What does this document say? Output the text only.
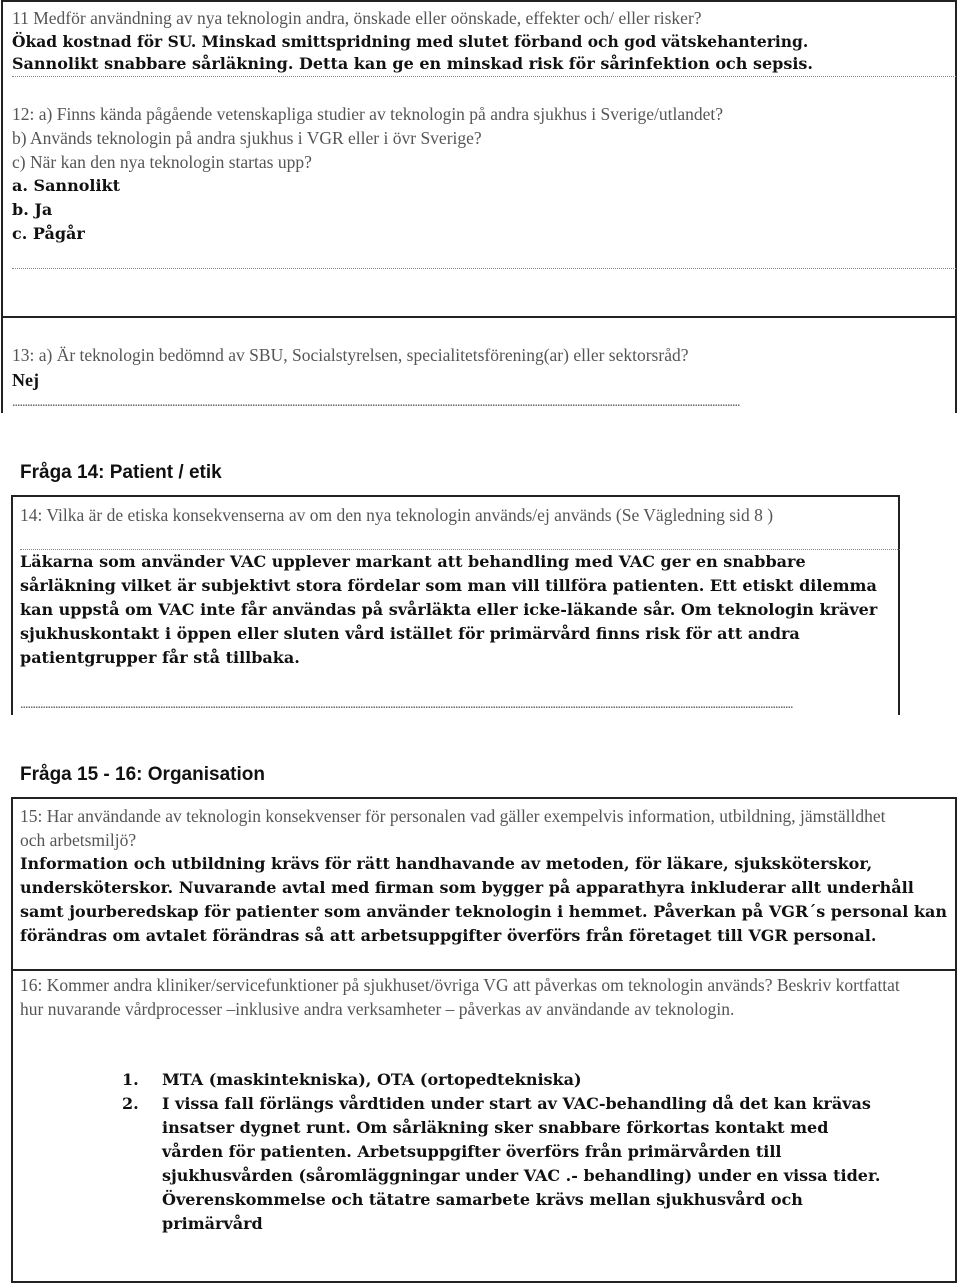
11 Medför användning av nya teknologin andra, önskade eller oönskade, effekter och/ eller risker?
Ökad kostnad för SU. Minskad smittspridning med slutet förband och god vätskehantering.
Sannolikt snabbare sårläkning. Detta kan ge en minskad risk för sårinfektion och sepsis.
12: a) Finns kända pågående vetenskapliga studier av teknologin på andra sjukhus i Sverige/utlandet?
b) Används teknologin på andra sjukhus i VGR eller i övr Sverige?
c) När kan den nya teknologin startas upp?
a. Sannolikt
b. Ja
c. Pågår
13: a) Är teknologin bedömnd av SBU, Socialstyrelsen, specialitetsförening(ar) eller sektorsråd?
Nej
...................................................................................................................................................................................................................................................................................................
Fråga 14: Patient / etik
14: Vilka är de etiska konsekvenserna av om den nya teknologin används/ej används (Se Vägledning sid 8 )
Läkarna som använder VAC upplever markant att behandling med VAC ger en snabbare sårläkning vilket är subjektivt stora fördelar som man vill tillföra patienten. Ett etiskt dilemma kan uppstå om VAC inte får användas på svårläkta eller icke-läkande sår. Om teknologin kräver sjukhuskontakt i öppen eller sluten vård istället för primärvård finns risk för att andra patientgrupper får stå tillbaka.
.....................................................................................................................................................................................................................................................................................................................
Fråga 15 - 16: Organisation
15: Har användande av teknologin konsekvenser för personalen vad gäller exempelvis information, utbildning, jämställdhet och arbetsmiljö?
Information och utbildning krävs för rätt handhavande av metoden, för läkare, sjuksköterskor, undersköterskor. Nuvarande avtal med firman som bygger på apparathyra inkluderar allt underhåll samt jourberedskap för patienter som använder teknologin i hemmet. Påverkan på VGR´s personal kan förändras om avtalet förändras så att arbetsuppgifter överförs från företaget till VGR personal.
16: Kommer andra kliniker/servicefunktioner på sjukhuset/övriga VG att påverkas om teknologin används? Beskriv kortfattat hur nuvarande vårdprocesser –inklusive andra verksamheter – påverkas av användande av teknologin.
1. MTA (maskintekniska), OTA (ortopedtekniska)
2. I vissa fall förlängs vårdtiden under start av VAC-behandling då det kan krävas insatser dygnet runt. Om sårläkning sker snabbare förkortas kontakt med vården för patienten. Arbetsuppgifter överförs från primärvården till sjukhusvården (såromläggningar under VAC .- behandling) under en vissa tider. Överenskommelse och tätatre samarbete krävs mellan sjukhusvård och primärvård
